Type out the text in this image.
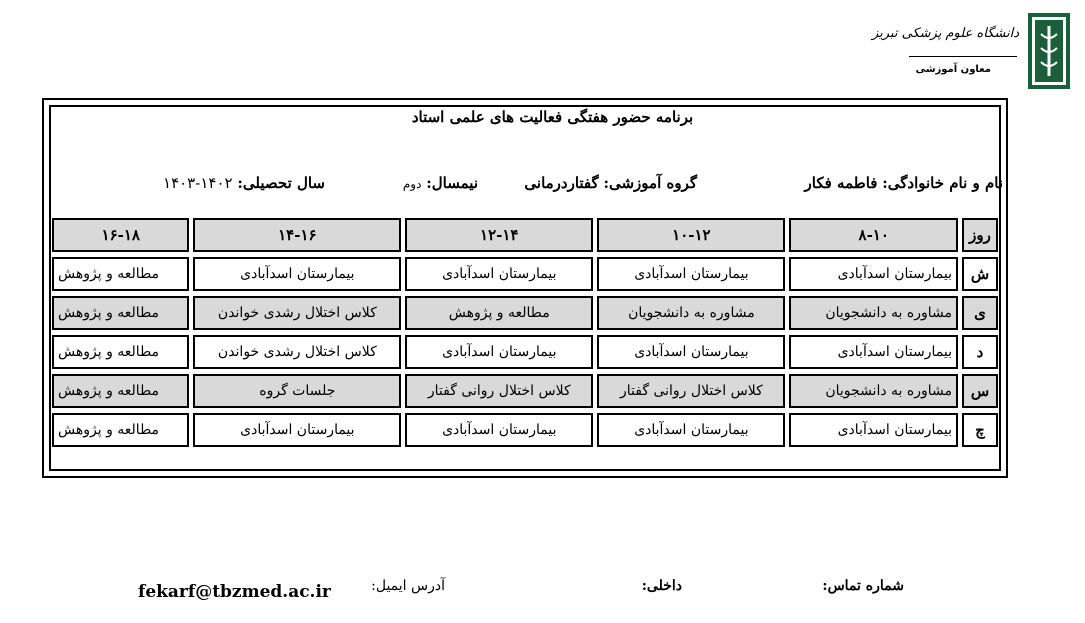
دانشگاه علوم پزشکی تبریز
معاون آموزشی
برنامه حضور هفتگی فعالیت های علمی استاد
نام و نام خانوادگی: فاطمه فکار
گروه آموزشی: گفتاردرمانی
نیمسال: دوم
سال تحصیلی: ۱۴۰۲-۱۴۰۳
روز	۸-۱۰	۱۰-۱۲	۱۲-۱۴	۱۴-۱۶	۱۶-۱۸
ش	بیمارستان اسدآبادی	بیمارستان اسدآبادی	بیمارستان اسدآبادی	بیمارستان اسدآبادی	مطالعه و پژوهش
ی	مشاوره به دانشجویان	مشاوره به دانشجویان	مطالعه و پژوهش	کلاس اختلال رشدی خواندن	مطالعه و پژوهش
د	بیمارستان اسدآبادی	بیمارستان اسدآبادی	بیمارستان اسدآبادی	کلاس اختلال رشدی خواندن	مطالعه و پژوهش
س	مشاوره به دانشجویان	کلاس اختلال روانی گفتار	کلاس اختلال روانی گفتار	جلسات گروه	مطالعه و پژوهش
چ	بیمارستان اسدآبادی	بیمارستان اسدآبادی	بیمارستان اسدآبادی	بیمارستان اسدآبادی	مطالعه و پژوهش
شماره تماس:
داخلی:
آدرس ایمیل:
fekarf@tbzmed.ac.ir
